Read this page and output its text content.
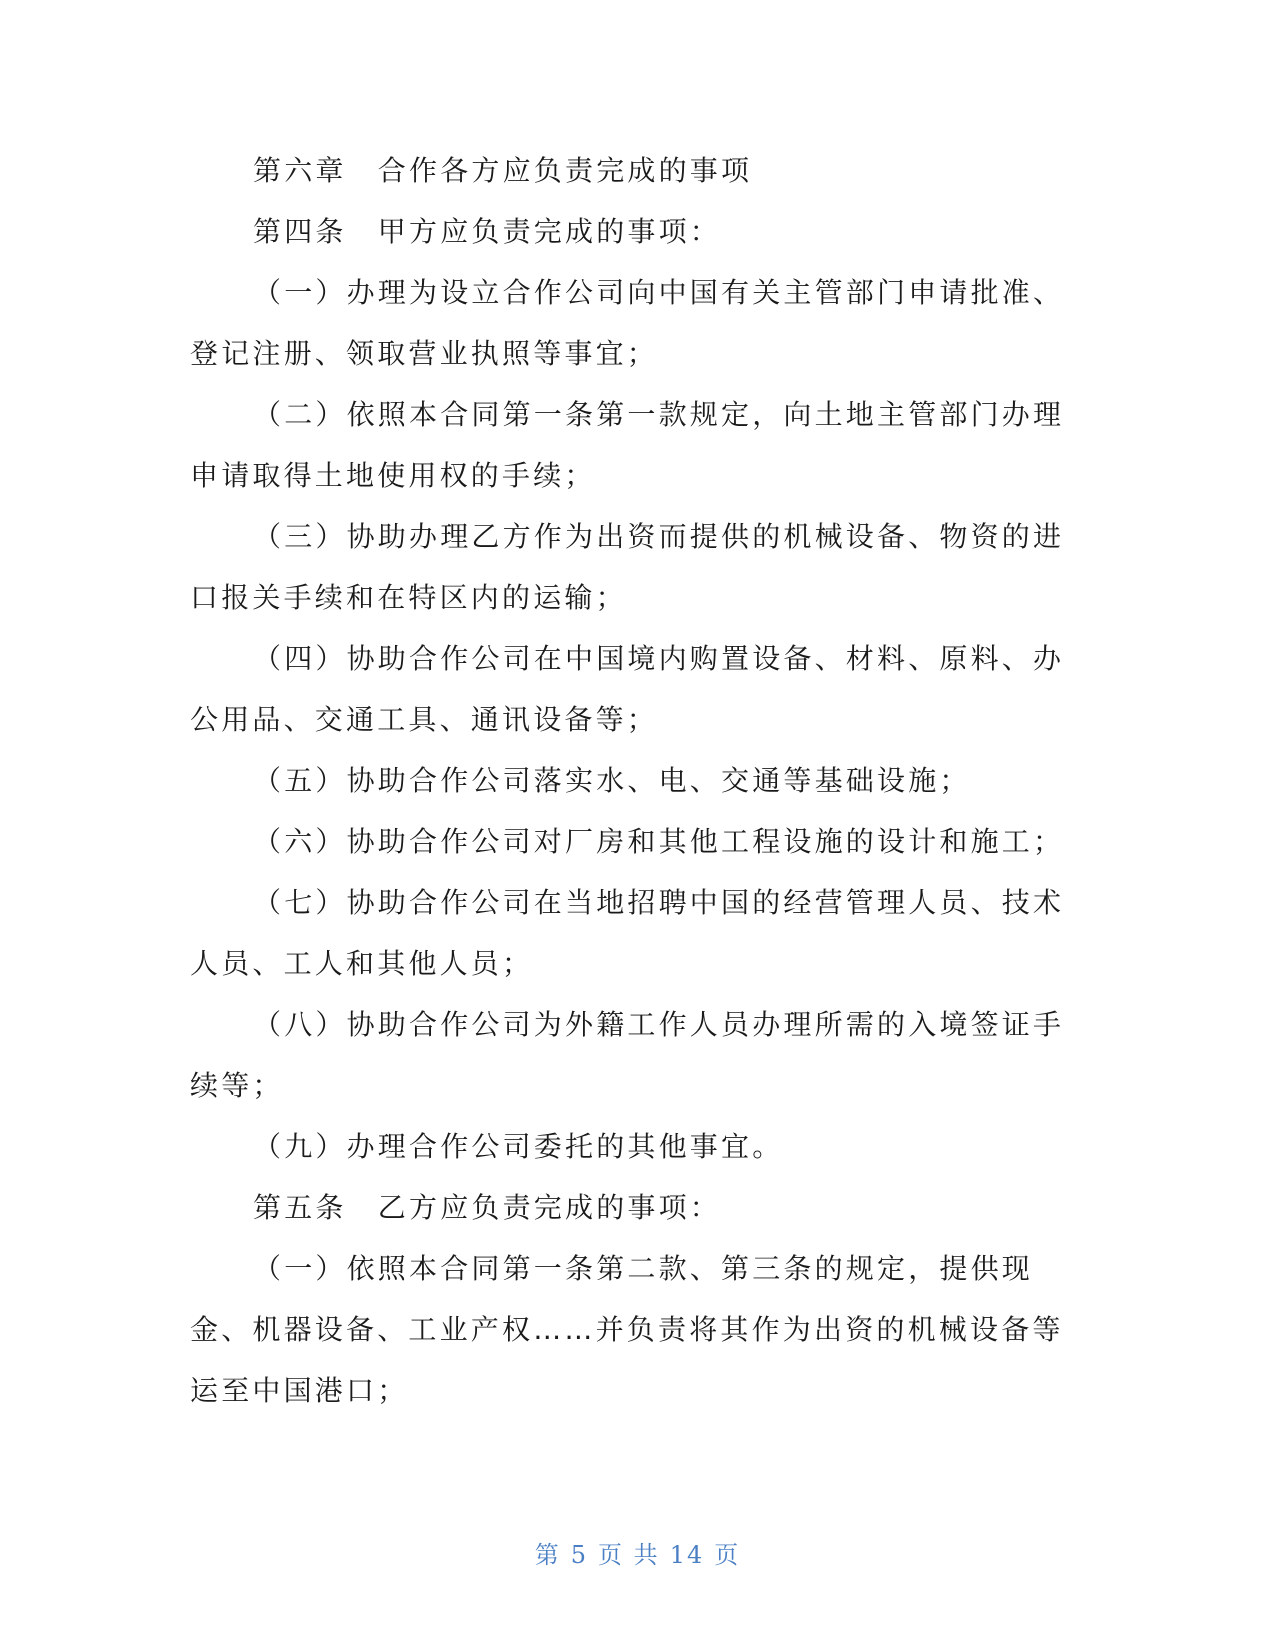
第六章　合作各方应负责完成的事项

第四条　甲方应负责完成的事项：

（一）办理为设立合作公司向中国有关主管部门申请批准、登记注册、领取营业执照等事宜；

（二）依照本合同第一条第一款规定，向土地主管部门办理申请取得土地使用权的手续；

（三）协助办理乙方作为出资而提供的机械设备、物资的进口报关手续和在特区内的运输；

（四）协助合作公司在中国境内购置设备、材料、原料、办公用品、交通工具、通讯设备等；

（五）协助合作公司落实水、电、交通等基础设施；

（六）协助合作公司对厂房和其他工程设施的设计和施工；

（七）协助合作公司在当地招聘中国的经营管理人员、技术人员、工人和其他人员；

（八）协助合作公司为外籍工作人员办理所需的入境签证手续等；

（九）办理合作公司委托的其他事宜。

第五条　乙方应负责完成的事项：

（一）依照本合同第一条第二款、第三条的规定，提供现金、机器设备、工业产权……并负责将其作为出资的机械设备等运至中国港口；

第 5 页 共 14 页
